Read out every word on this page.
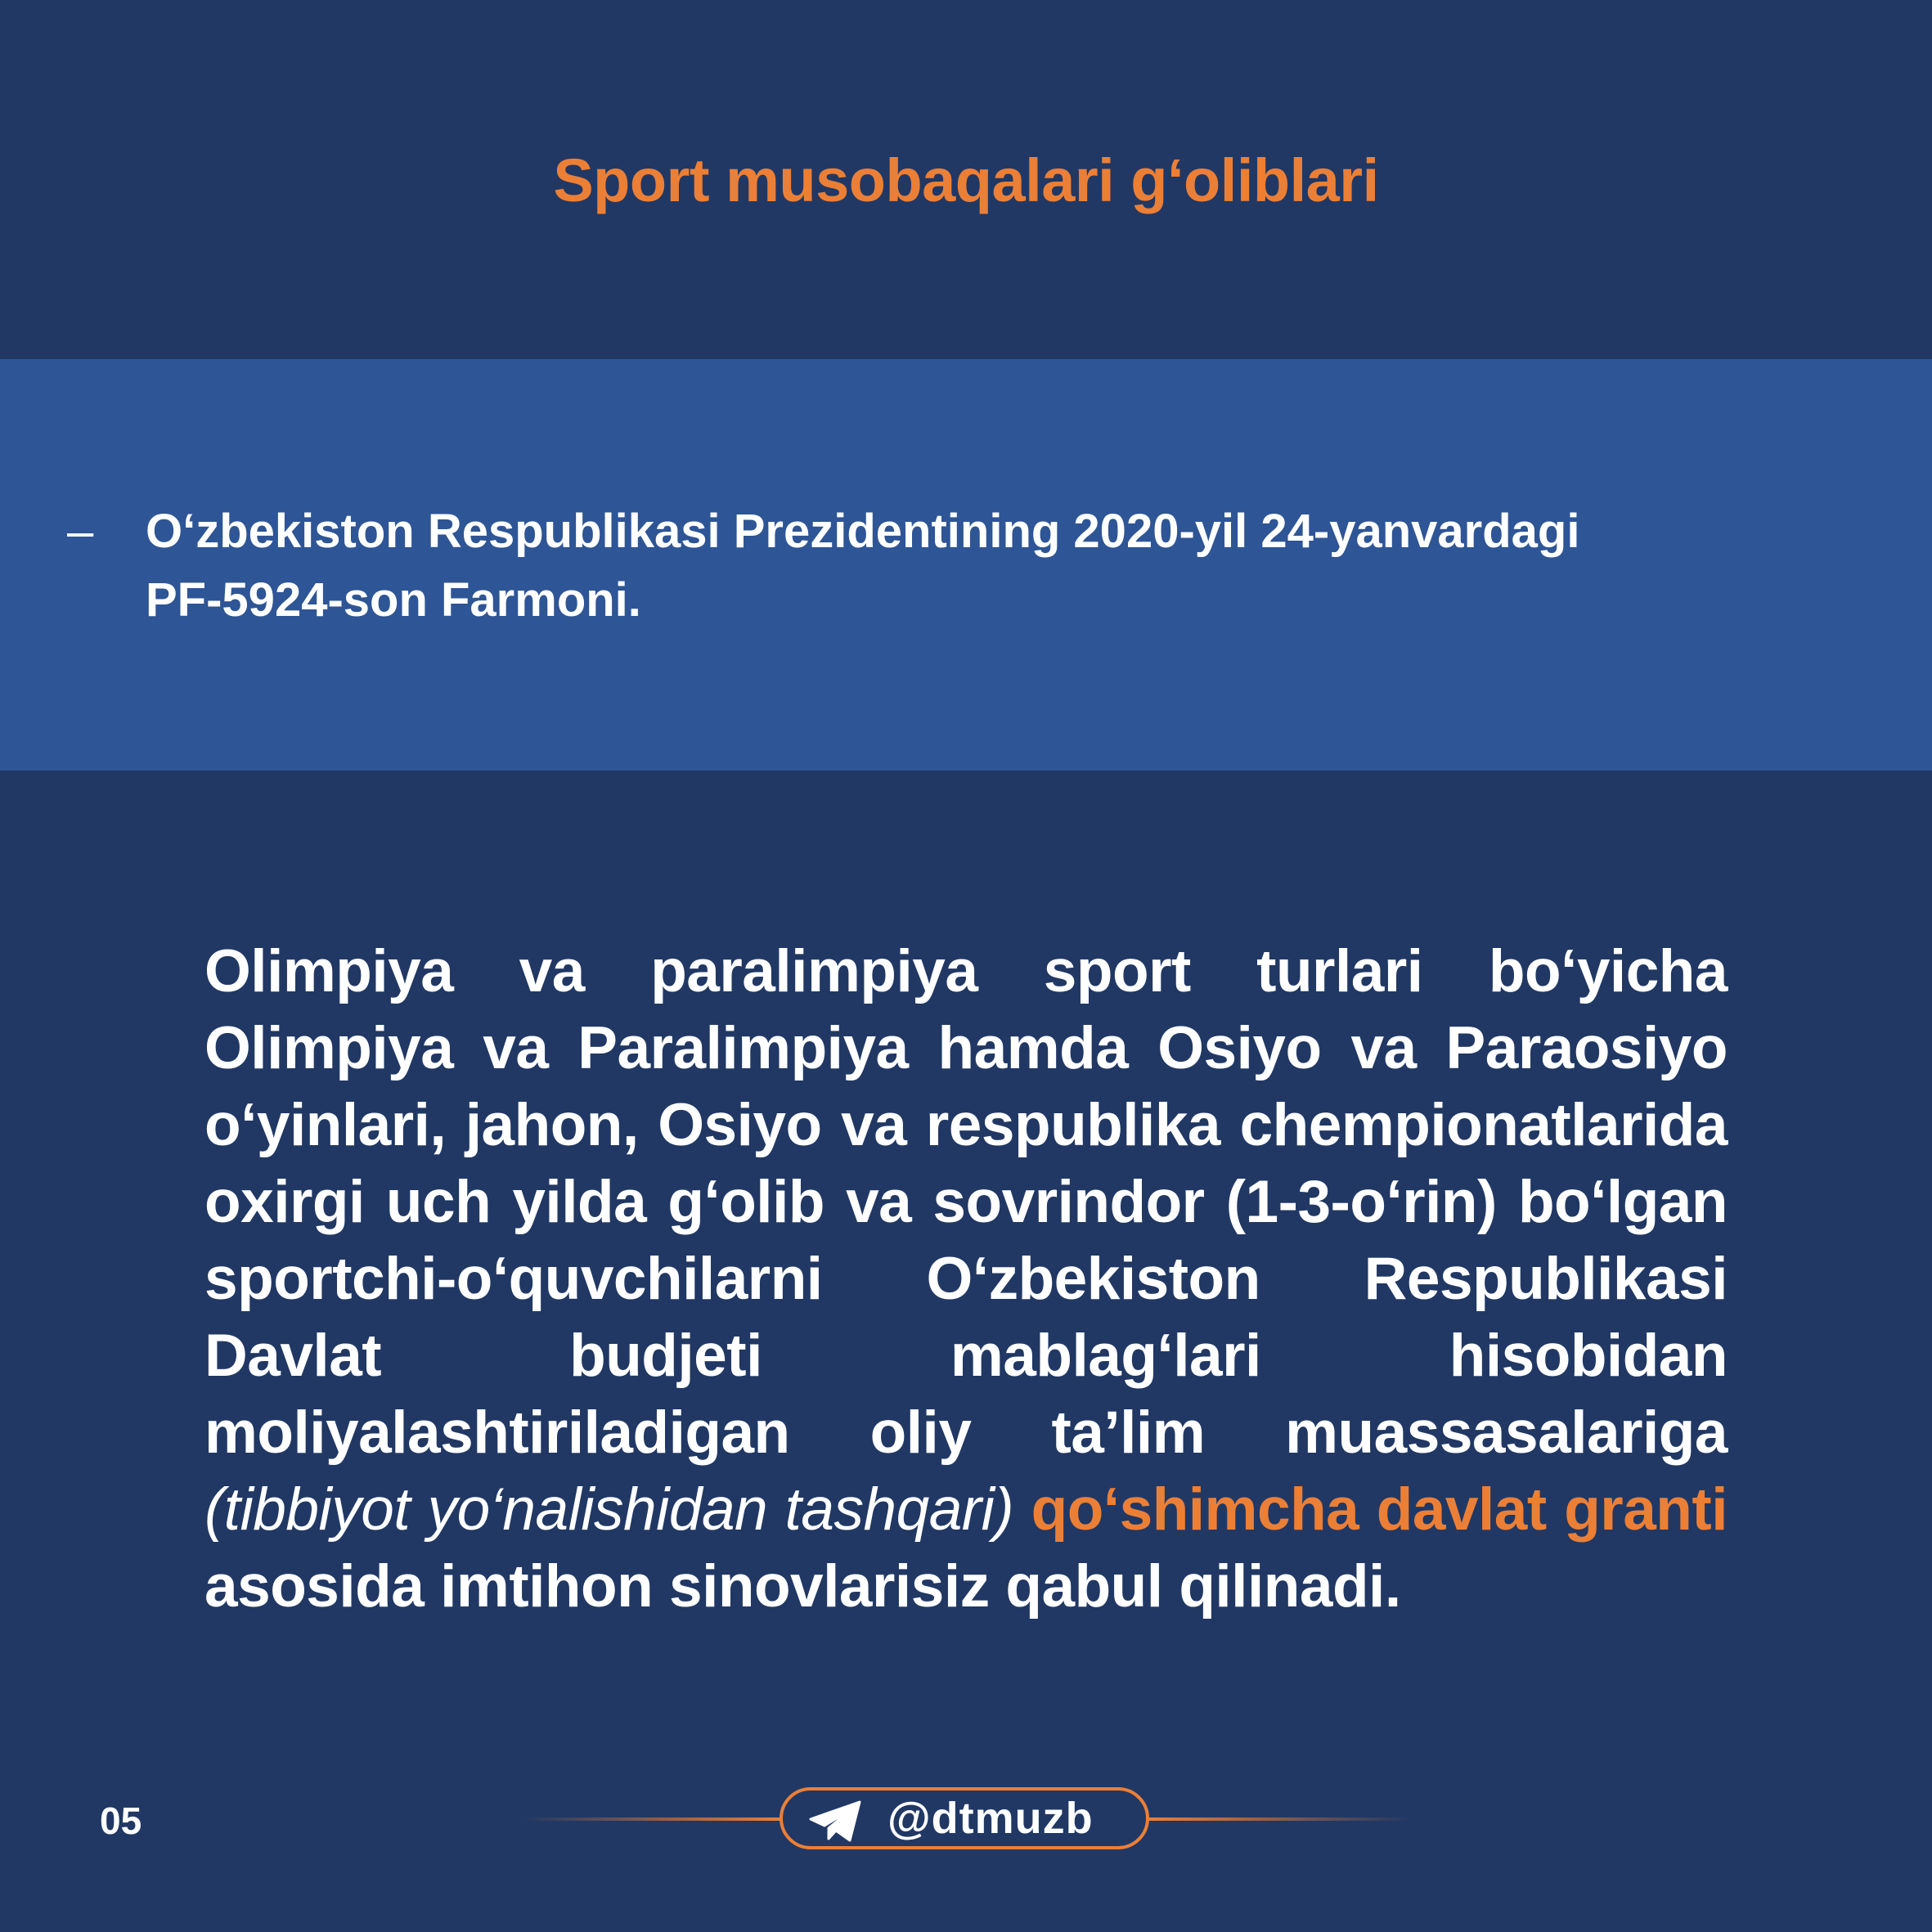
Sport musobaqalari g‘oliblari
– O‘zbekiston Respublikasi Prezidentining 2020-yil 24-yanvardagi
PF-5924-son Farmoni.
Olimpiya va paralimpiya sport turlari bo‘yicha Olimpiya va Paralimpiya hamda Osiyo va Paraosiyo o‘yinlari, jahon, Osiyo va respublika chempionatlarida oxirgi uch yilda g‘olib va sovrindor (1-3-o‘rin) bo‘lgan sportchi-o‘quvchilarni O‘zbekiston Respublikasi Davlat budjeti mablag‘lari hisobidan moliyalashtiriladigan oliy ta’lim muassasalariga (tibbiyot yo‘nalishidan tashqari) qo‘shimcha davlat granti asosida imtihon sinovlarisiz qabul qilinadi.
05	@dtmuzb
